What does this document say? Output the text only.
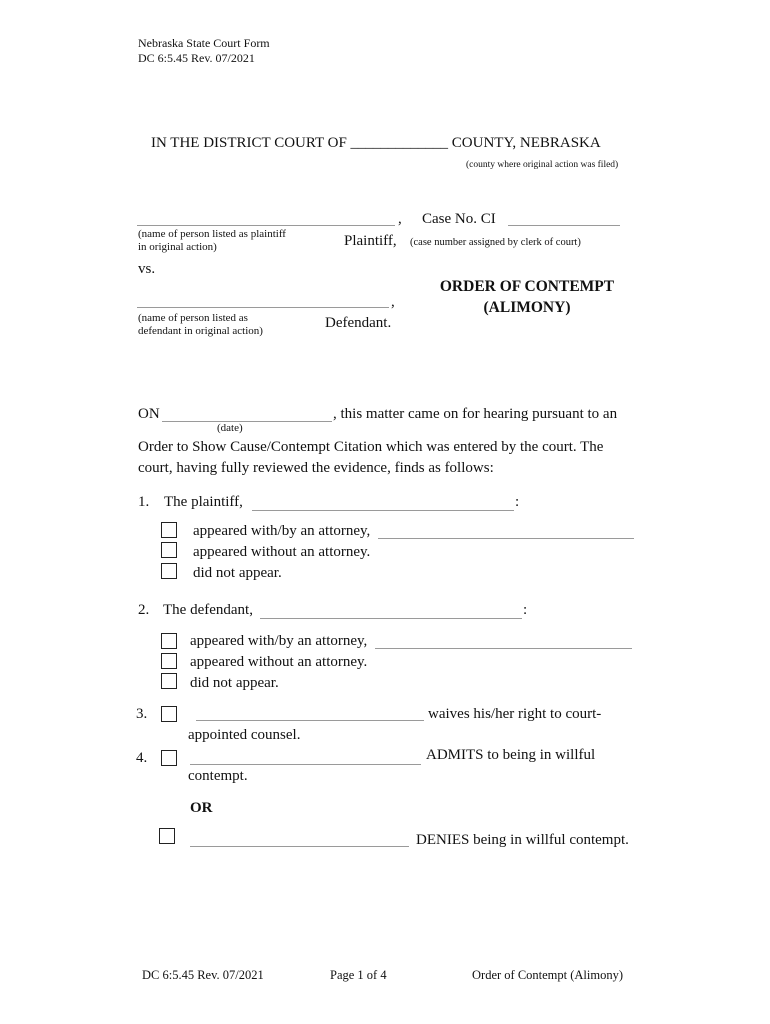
Nebraska State Court Form
DC 6:5.45 Rev. 07/2021
IN THE DISTRICT COURT OF _____________ COUNTY, NEBRASKA
(county where original action was filed)
,
(name of person listed as plaintiff
in original action)	Plaintiff,
Case No. CI
(case number assigned by clerk of court)
vs.
,
(name of person listed as
defendant in original action)	Defendant.
ORDER OF CONTEMPT
(ALIMONY)
ON	, this matter came on for hearing pursuant to an
(date)
Order to Show Cause/Contempt Citation which was entered by the court. The
court, having fully reviewed the evidence, finds as follows:
1. The plaintiff,	:
appeared with/by an attorney,
appeared without an attorney.
did not appear.
2. The defendant,	:
appeared with/by an attorney,
appeared without an attorney.
did not appear.
3.	waives his/her right to court-
appointed counsel.
4.	ADMITS to being in willful
contempt.
OR
DENIES being in willful contempt.
DC 6:5.45 Rev. 07/2021	Page 1 of 4	Order of Contempt (Alimony)
